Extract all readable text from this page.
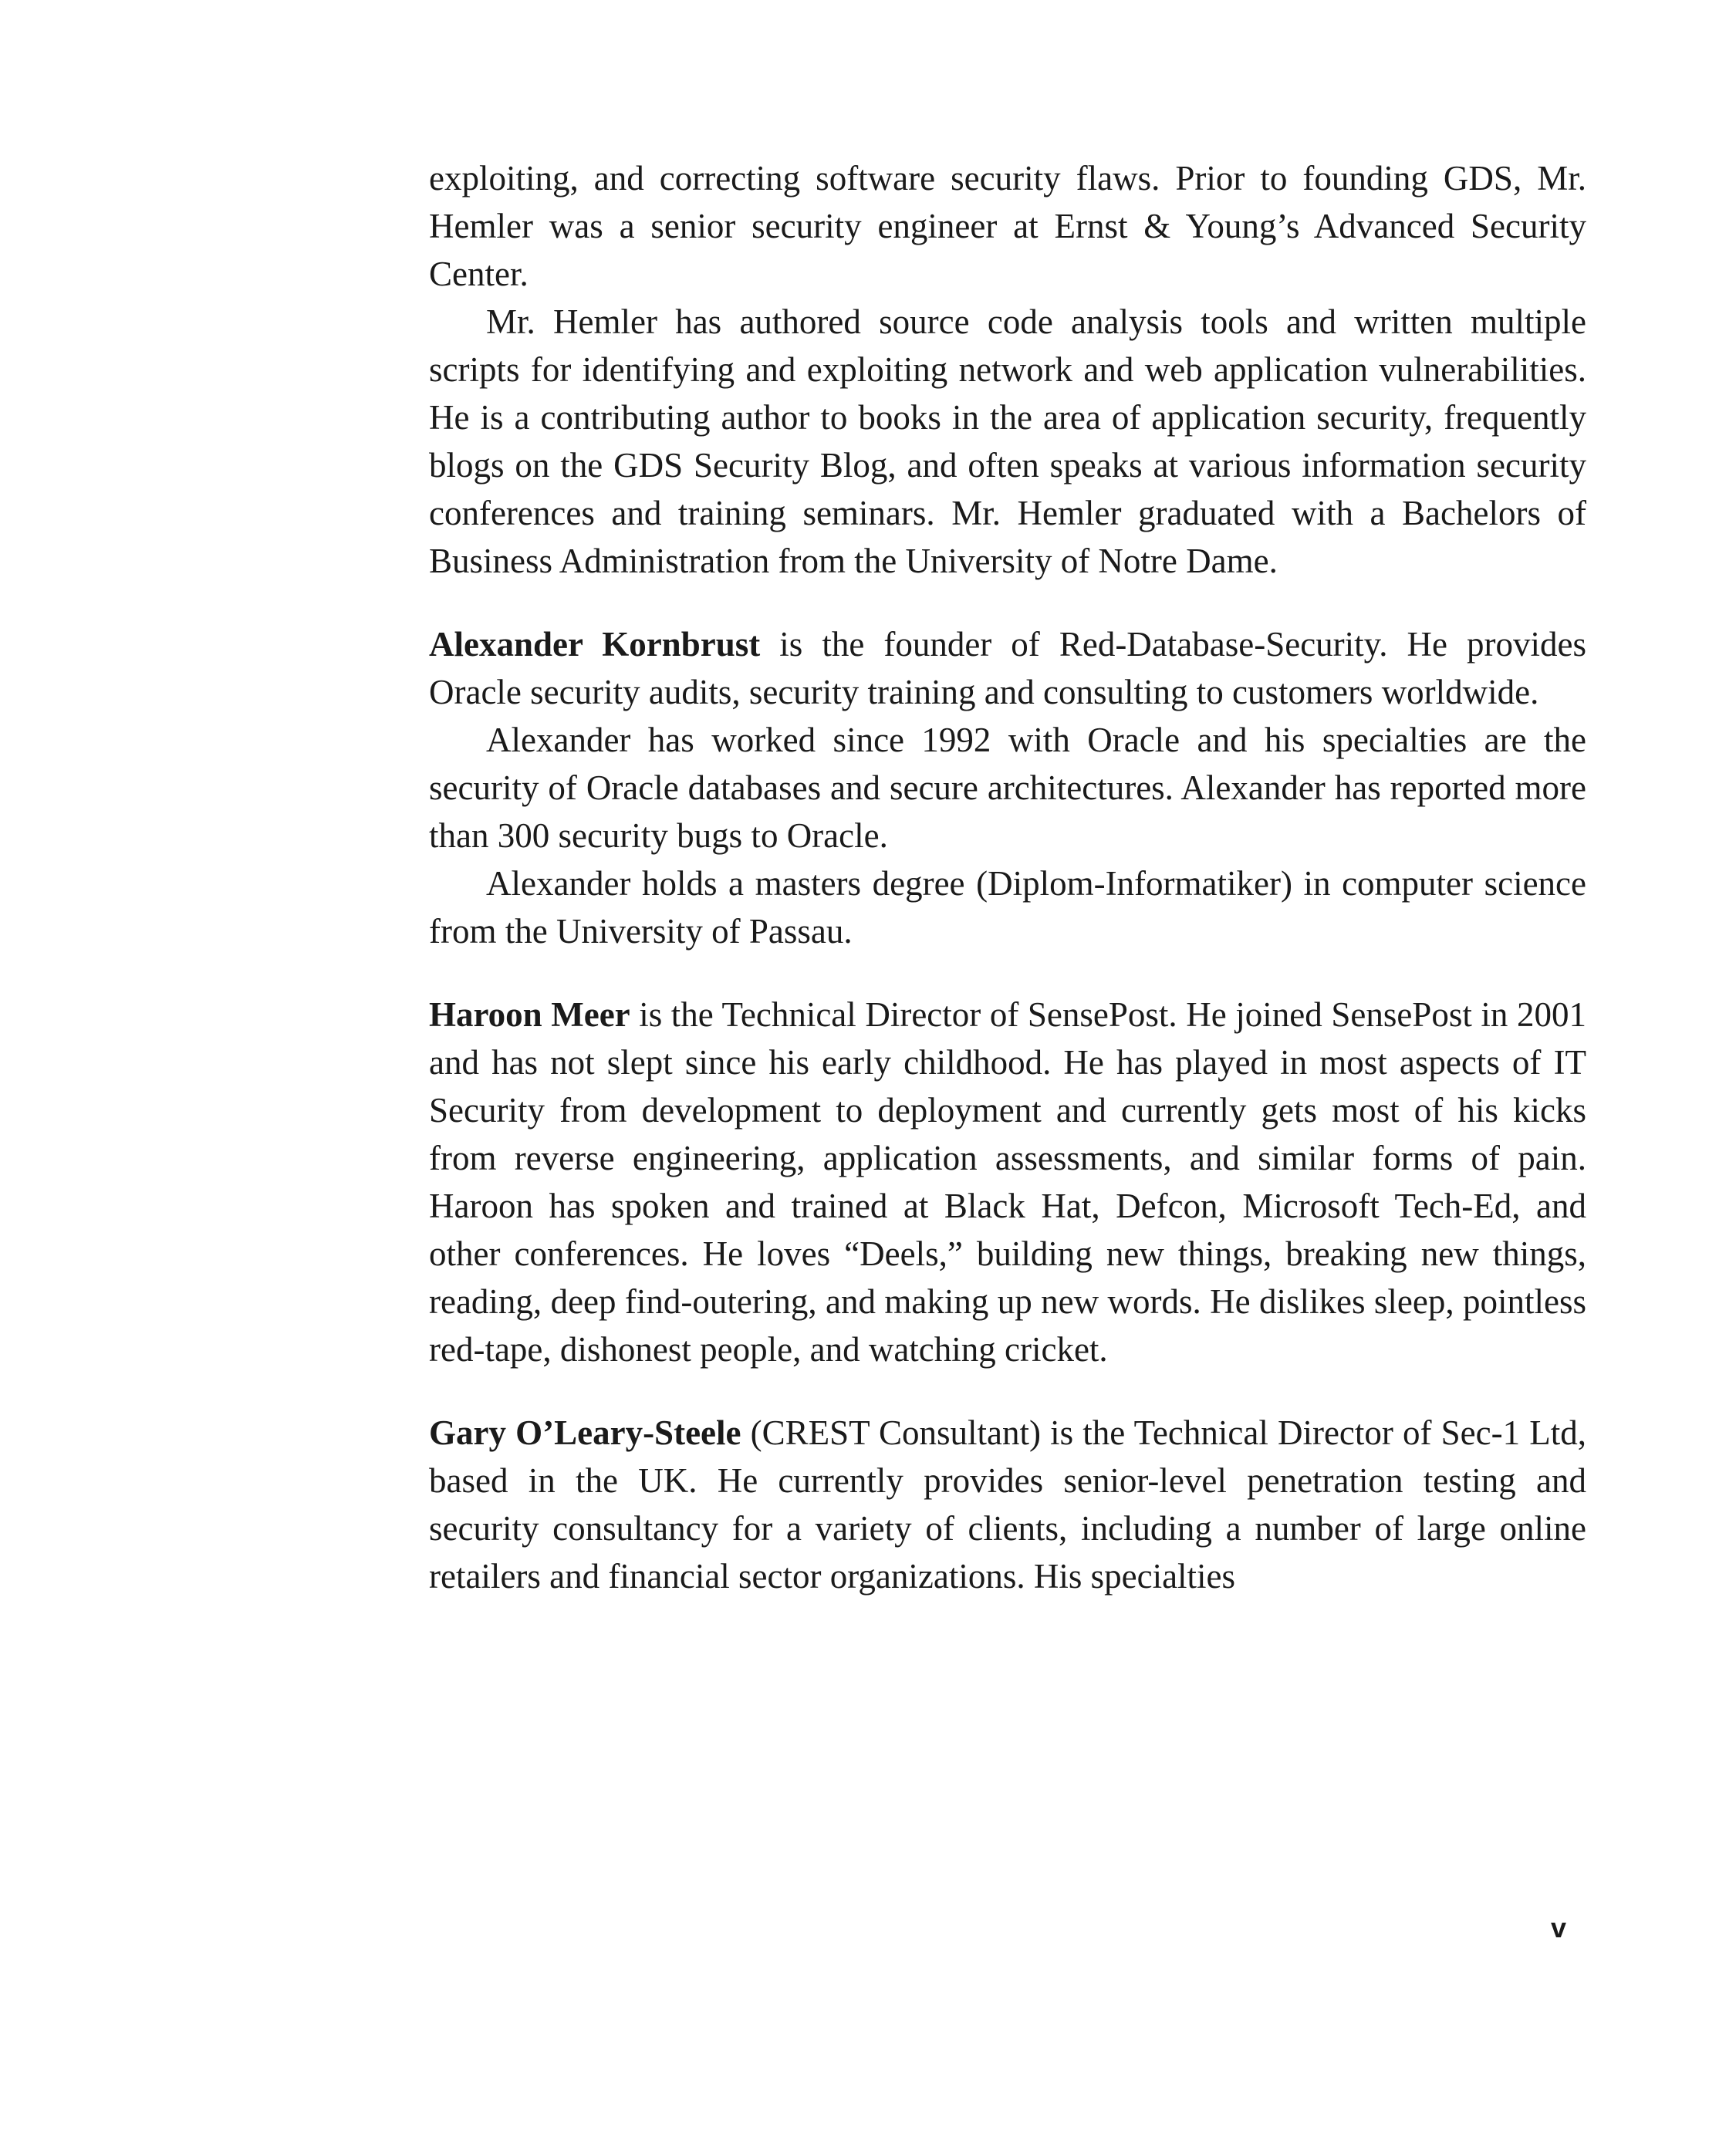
exploiting, and correcting software security flaws. Prior to founding GDS, Mr. Hemler was a senior security engineer at Ernst & Young’s Advanced Security Center.

Mr. Hemler has authored source code analysis tools and written multiple scripts for identifying and exploiting network and web application vulnerabilities. He is a contributing author to books in the area of application security, frequently blogs on the GDS Security Blog, and often speaks at various information security conferences and training seminars. Mr. Hemler graduated with a Bachelors of Business Administration from the University of Notre Dame.

Alexander Kornbrust is the founder of Red-Database-Security. He provides Oracle security audits, security training and consulting to customers worldwide.

Alexander has worked since 1992 with Oracle and his specialties are the security of Oracle databases and secure architectures. Alexander has reported more than 300 security bugs to Oracle.

Alexander holds a masters degree (Diplom-Informatiker) in computer science from the University of Passau.

Haroon Meer is the Technical Director of SensePost. He joined SensePost in 2001 and has not slept since his early childhood. He has played in most aspects of IT Security from development to deployment and currently gets most of his kicks from reverse engineering, application assessments, and similar forms of pain. Haroon has spoken and trained at Black Hat, Defcon, Microsoft Tech-Ed, and other conferences. He loves “Deels,” building new things, breaking new things, reading, deep find-outering, and making up new words. He dislikes sleep, pointless red-tape, dishonest people, and watching cricket.

Gary O’Leary-Steele (CREST Consultant) is the Technical Director of Sec-1 Ltd, based in the UK. He currently provides senior-level penetration testing and security consultancy for a variety of clients, including a number of large online retailers and financial sector organizations. His specialties

v
